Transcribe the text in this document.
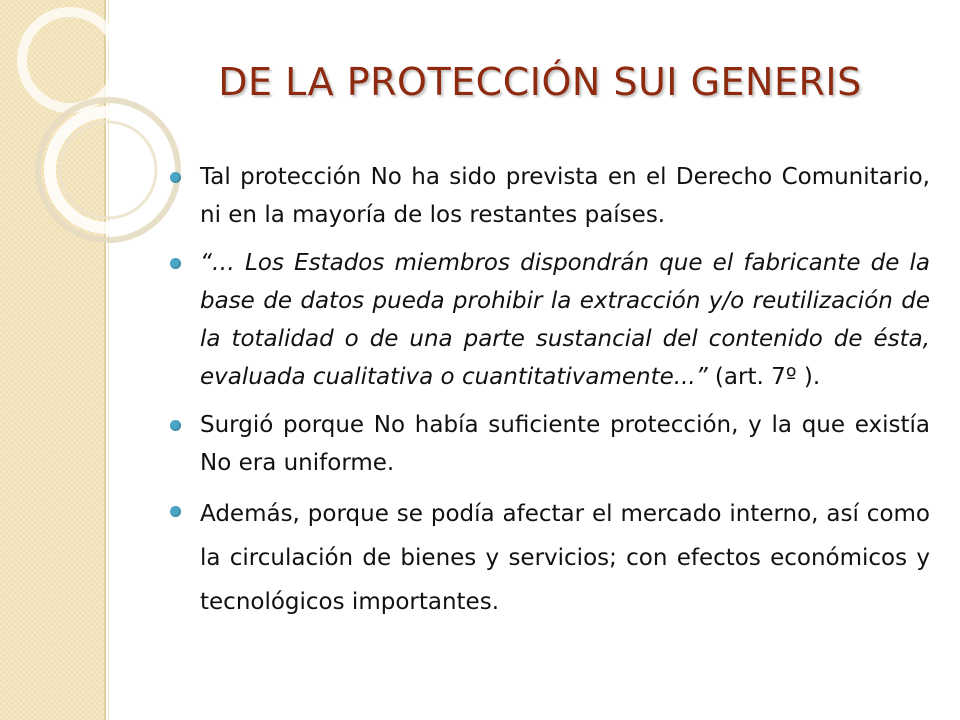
DE LA PROTECCIÓN SUI GENERIS

Tal protección No ha sido prevista en el Derecho Comunitario, ni en la mayoría de los restantes países.

“… Los Estados miembros dispondrán que el fabricante de la base de datos pueda prohibir la extracción y/o reutilización de la totalidad o de una parte sustancial del contenido de ésta, evaluada cualitativa o cuantitativamente...” (art. 7º ).

Surgió porque No había suficiente protección, y la que existía No era uniforme.

Además, porque se podía afectar el mercado interno, así como la circulación de bienes y servicios; con efectos económicos y tecnológicos importantes.
